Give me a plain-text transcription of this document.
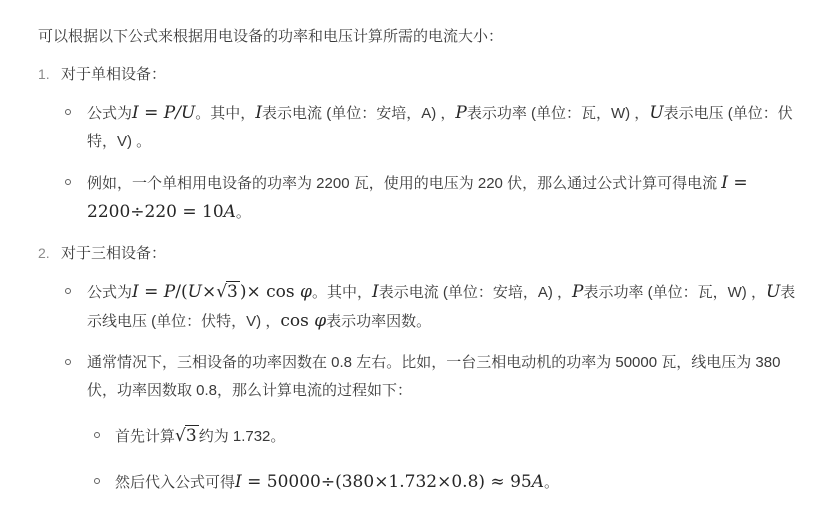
可以根据以下公式来根据用电设备的功率和电压计算所需的电流大小：

1. 对于单相设备：
公式为I = P/U。其中，I表示电流 (单位：安培，A) ，P表示功率 (单位：瓦，W) ，U表示电压 (单位：伏特，V) 。
例如，一个单相用电设备的功率为 2200 瓦，使用的电压为 220 伏，那么通过公式计算可得电流 I = 2200÷220 = 10A。
2. 对于三相设备：
公式为I = P/(U×√3 )× cos φ。其中，I表示电流 (单位：安培，A) ，P表示功率 (单位：瓦，W) ，U表示线电压 (单位：伏特，V) ，cos φ表示功率因数。
通常情况下，三相设备的功率因数在 0.8 左右。比如，一台三相电动机的功率为 50000 瓦，线电压为 380 伏，功率因数取 0.8，那么计算电流的过程如下：
首先计算√3 约为 1.732。
然后代入公式可得I = 50000÷(380×1.732×0.8) ≈ 95A。
